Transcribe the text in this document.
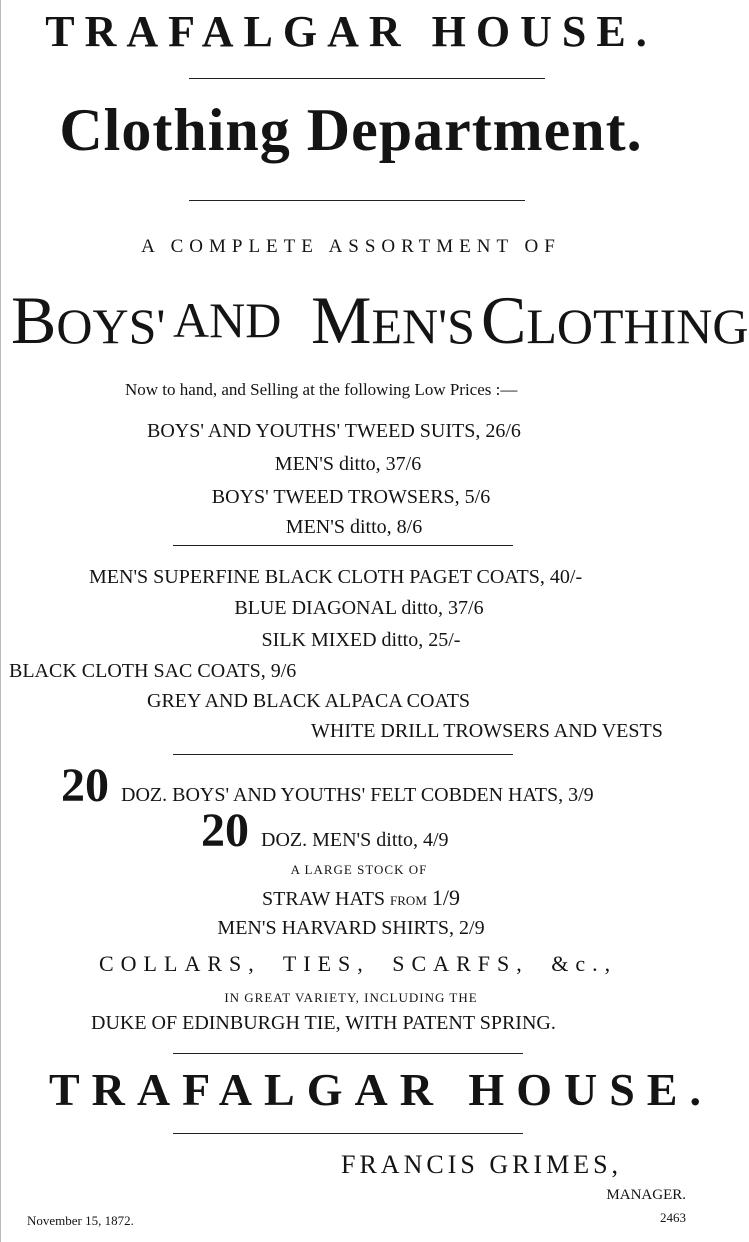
TRAFALGAR HOUSE.
Clothing Department.
A COMPLETE ASSORTMENT OF
BOYS' AND MEN'S CLOTHING
Now to hand, and Selling at the following Low Prices :—
BOYS' AND YOUTHS' TWEED SUITS, 26/6
MEN'S ditto, 37/6
BOYS' TWEED TROWSERS, 5/6
MEN'S ditto, 8/6
MEN'S SUPERFINE BLACK CLOTH PAGET COATS, 40/-
BLUE DIAGONAL ditto, 37/6
SILK MIXED ditto, 25/-
BLACK CLOTH SAC COATS, 9/6
GREY AND BLACK ALPACA COATS
WHITE DRILL TROWSERS AND VESTS
20 DOZ. BOYS' AND YOUTHS' FELT COBDEN HATS, 3/9
20 DOZ. MEN'S ditto, 4/9
A LARGE STOCK OF
STRAW HATS FROM 1/9
MEN'S HARVARD SHIRTS, 2/9
COLLARS, TIES, SCARFS, &c.,
IN GREAT VARIETY, INCLUDING THE
DUKE OF EDINBURGH TIE, WITH PATENT SPRING.
TRAFALGAR HOUSE.
FRANCIS GRIMES,
MANAGER.
November 15, 1872.	2463
